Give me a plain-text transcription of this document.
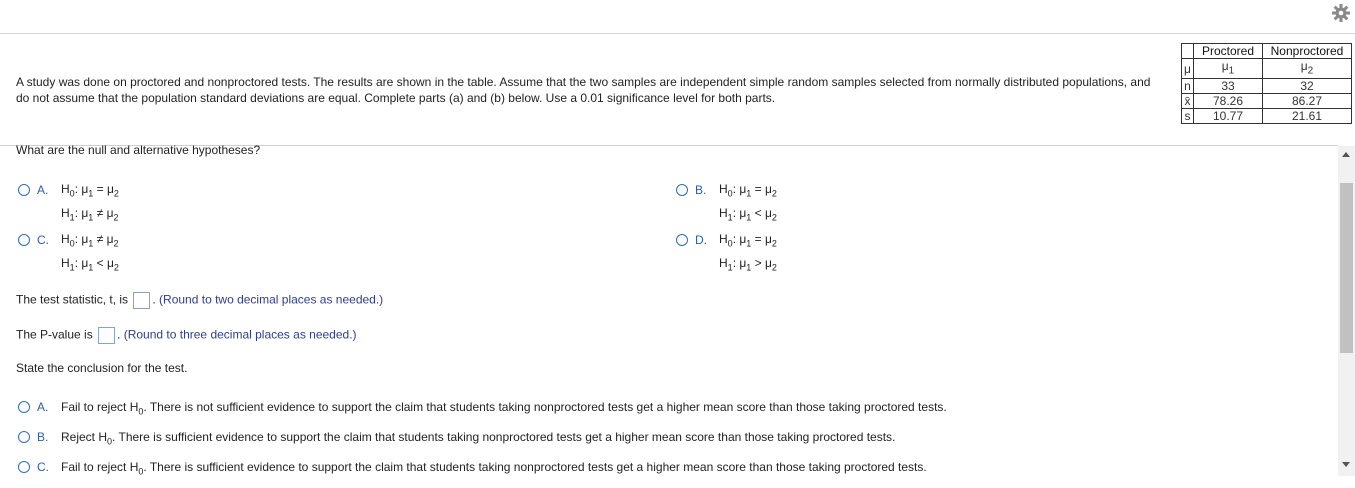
A study was done on proctored and nonproctored tests. The results are shown in the table. Assume that the two samples are independent simple random samples selected from normally distributed populations, and do not assume that the population standard deviations are equal. Complete parts (a) and (b) below. Use a 0.01 significance level for both parts.
	Proctored	Nonproctored
μ	$\mu_1$	$\mu_2$
n	33	32
x̄	78.26	86.27
s	10.77	21.61
What are the null and alternative hypotheses?
A. $H_0$: $\mu_1 = \mu_2$
$H_1$: $\mu_1 \ne \mu_2$
B. $H_0$: $\mu_1 = \mu_2$
$H_1$: $\mu_1 < \mu_2$
C. $H_0$: $\mu_1 \ne \mu_2$
$H_1$: $\mu_1 < \mu_2$
D. $H_0$: $\mu_1 = \mu_2$
$H_1$: $\mu_1 > \mu_2$
The test statistic, t, is . (Round to two decimal places as needed.)
The P-value is . (Round to three decimal places as needed.)
State the conclusion for the test.
A. Fail to reject $H_0$. There is not sufficient evidence to support the claim that students taking nonproctored tests get a higher mean score than those taking proctored tests.
B. Reject $H_0$. There is sufficient evidence to support the claim that students taking nonproctored tests get a higher mean score than those taking proctored tests.
C. Fail to reject $H_0$. There is sufficient evidence to support the claim that students taking nonproctored tests get a higher mean score than those taking proctored tests.
